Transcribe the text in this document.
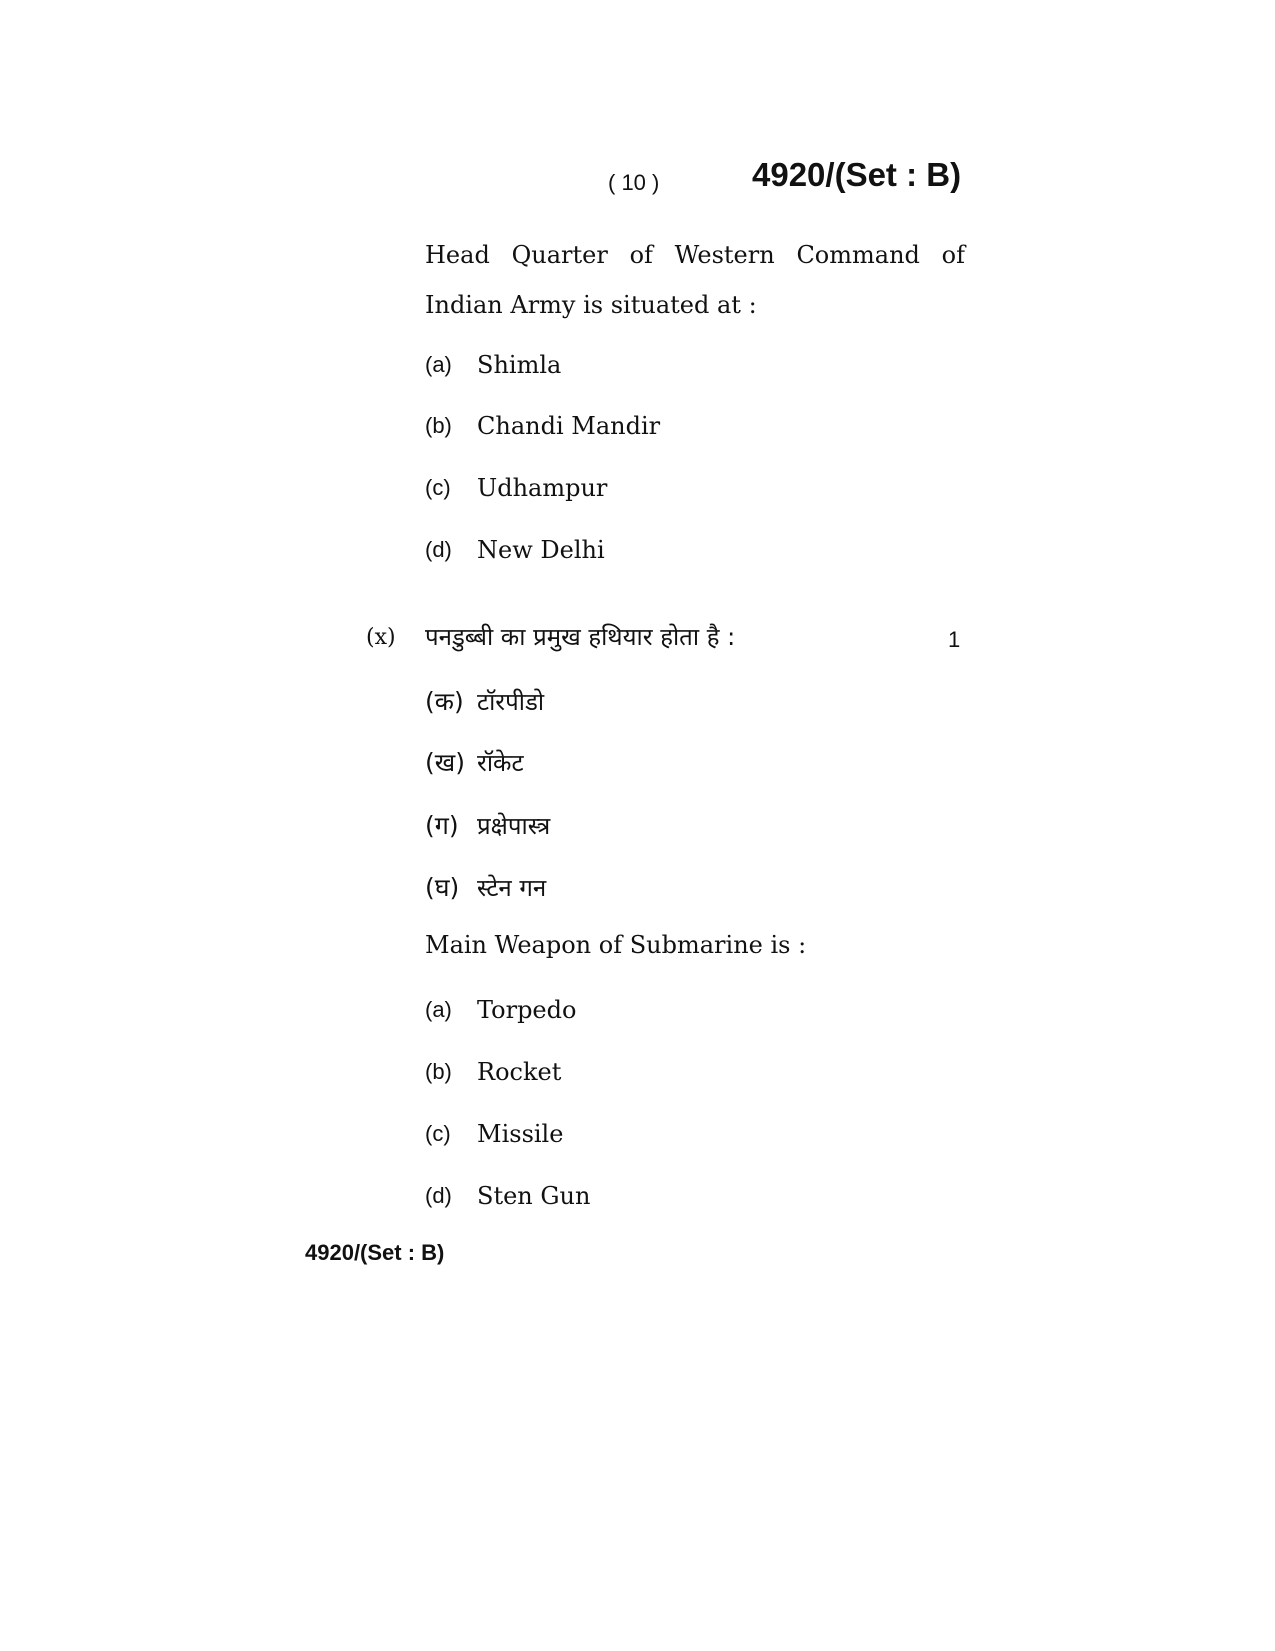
( 10 )	4920/(Set : B)
Head Quarter of Western Command of
Indian Army is situated at :
(a)	Shimla
(b)	Chandi Mandir
(c)	Udhampur
(d)	New Delhi
(x) पनडुब्बी का प्रमुख हथियार होता है :	1
(क) टॉरपीडो
(ख) रॉकेट
(ग) प्रक्षेपास्त्र
(घ) स्टेन गन
Main Weapon of Submarine is :
(a)	Torpedo
(b)	Rocket
(c)	Missile
(d)	Sten Gun
4920/(Set : B)
